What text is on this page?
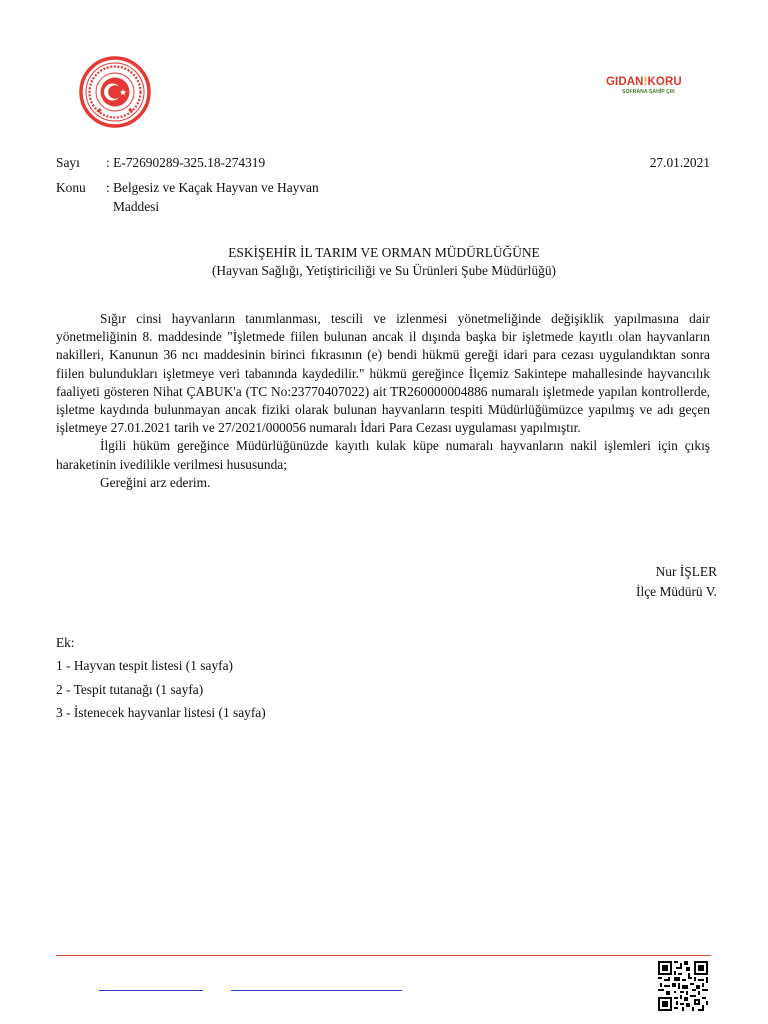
GIDAN!KORU
SOFRANA SAHİP ÇIK
Sayı	: E-72690289-325.18-274319	27.01.2021
Konu : Belgesiz ve Kaçak Hayvan ve Hayvan
Maddesi
ESKİŞEHİR İL TARIM VE ORMAN MÜDÜRLÜĞÜNE
(Hayvan Sağlığı, Yetiştiriciliği ve Su Ürünleri Şube Müdürlüğü)

Sığır cinsi hayvanların tanımlanması, tescili ve izlenmesi yönetmeliğinde değişiklik yapılmasına dair yönetmeliğinin 8. maddesinde "İşletmede fiilen bulunan ancak il dışında başka bir işletmede kayıtlı olan hayvanların nakilleri, Kanunun 36 ncı maddesinin birinci fıkrasının (e) bendi hükmü gereği idari para cezası uygulandıktan sonra fiilen bulundukları işletmeye veri tabanında kaydedilir." hükmü gereğince İlçemiz Sakintepe mahallesinde hayvancılık faaliyeti gösteren Nihat ÇABUK'a (TC No:23770407022) ait TR260000004886 numaralı işletmede yapılan kontrollerde, işletme kaydında bulunmayan ancak fiziki olarak bulunan hayvanların tespiti Müdürlüğümüzce yapılmış ve adı geçen işletmeye 27.01.2021 tarih ve 27/2021/000056 numaralı İdari Para Cezası uygulaması yapılmıştır.

İlgili hüküm gereğince Müdürlüğünüzde kayıtlı kulak küpe numaralı hayvanların nakil işlemleri için çıkış haraketinin ivedilikle verilmesi hususunda;

Gereğini arz ederim.

Nur İŞLER
İlçe Müdürü V.
Ek:
1 - Hayvan tespit listesi (1 sayfa)
2 - Tespit tutanağı (1 sayfa)
3 - İstenecek hayvanlar listesi (1 sayfa)
